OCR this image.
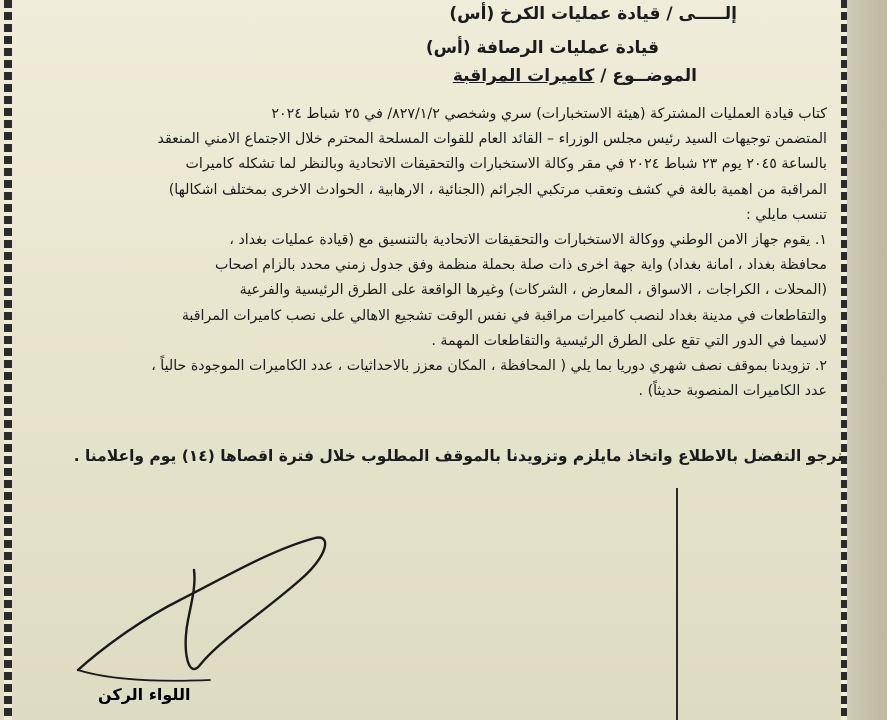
إلـــــى / قيادة عمليات الكرخ (أس)
قيادة عمليات الرصافة (أس)
الموضــوع / كاميرات المراقبة

كتاب قيادة العمليات المشتركة (هيئة الاستخبارات) سري وشخصي ٨٢٧/١/٢/ في ٢٥ شباط ٢٠٢٤

المتضمن توجيهات السيد رئيس مجلس الوزراء – القائد العام للقوات المسلحة المحترم خلال الاجتماع الامني المنعقد

بالساعة ٢٠٤٥ يوم ٢٣ شباط ٢٠٢٤ في مقر وكالة الاستخبارات والتحقيقات الاتحادية وبالنظر لما تشكله كاميرات

المراقبة من اهمية بالغة في كشف وتعقب مرتكبي الجرائم (الجنائية ، الارهابية ، الحوادث الاخرى بمختلف اشكالها)

تنسب مايلي :

١. يقوم جهاز الامن الوطني ووكالة الاستخبارات والتحقيقات الاتحادية بالتنسيق مع (قيادة عمليات بغداد ،

محافظة بغداد ، امانة بغداد) واية جهة اخرى ذات صلة بحملة منظمة وفق جدول زمني محدد بالزام اصحاب

(المحلات ، الكراجات ، الاسواق ، المعارض ، الشركات) وغيرها الواقعة على الطرق الرئيسية والفرعية

والتقاطعات في مدينة بغداد لنصب كاميرات مراقبة في نفس الوقت تشجيع الاهالي على نصب كاميرات المراقبة

لاسيما في الدور التي تقع على الطرق الرئيسية والتقاطعات المهمة .

٢. تزويدنا بموقف نصف شهري دوريا بما يلي ( المحافظة ، المكان معزز بالاحداثيات ، عدد الكاميرات الموجودة حالياً ،

عدد الكاميرات المنصوبة حديثاً) .

نرجو التفضل بالاطلاع واتخاذ مايلزم وتزويدنا بالموقف المطلوب خلال فترة اقصاها (١٤) يوم واعلامنا .
اللواء الركن
